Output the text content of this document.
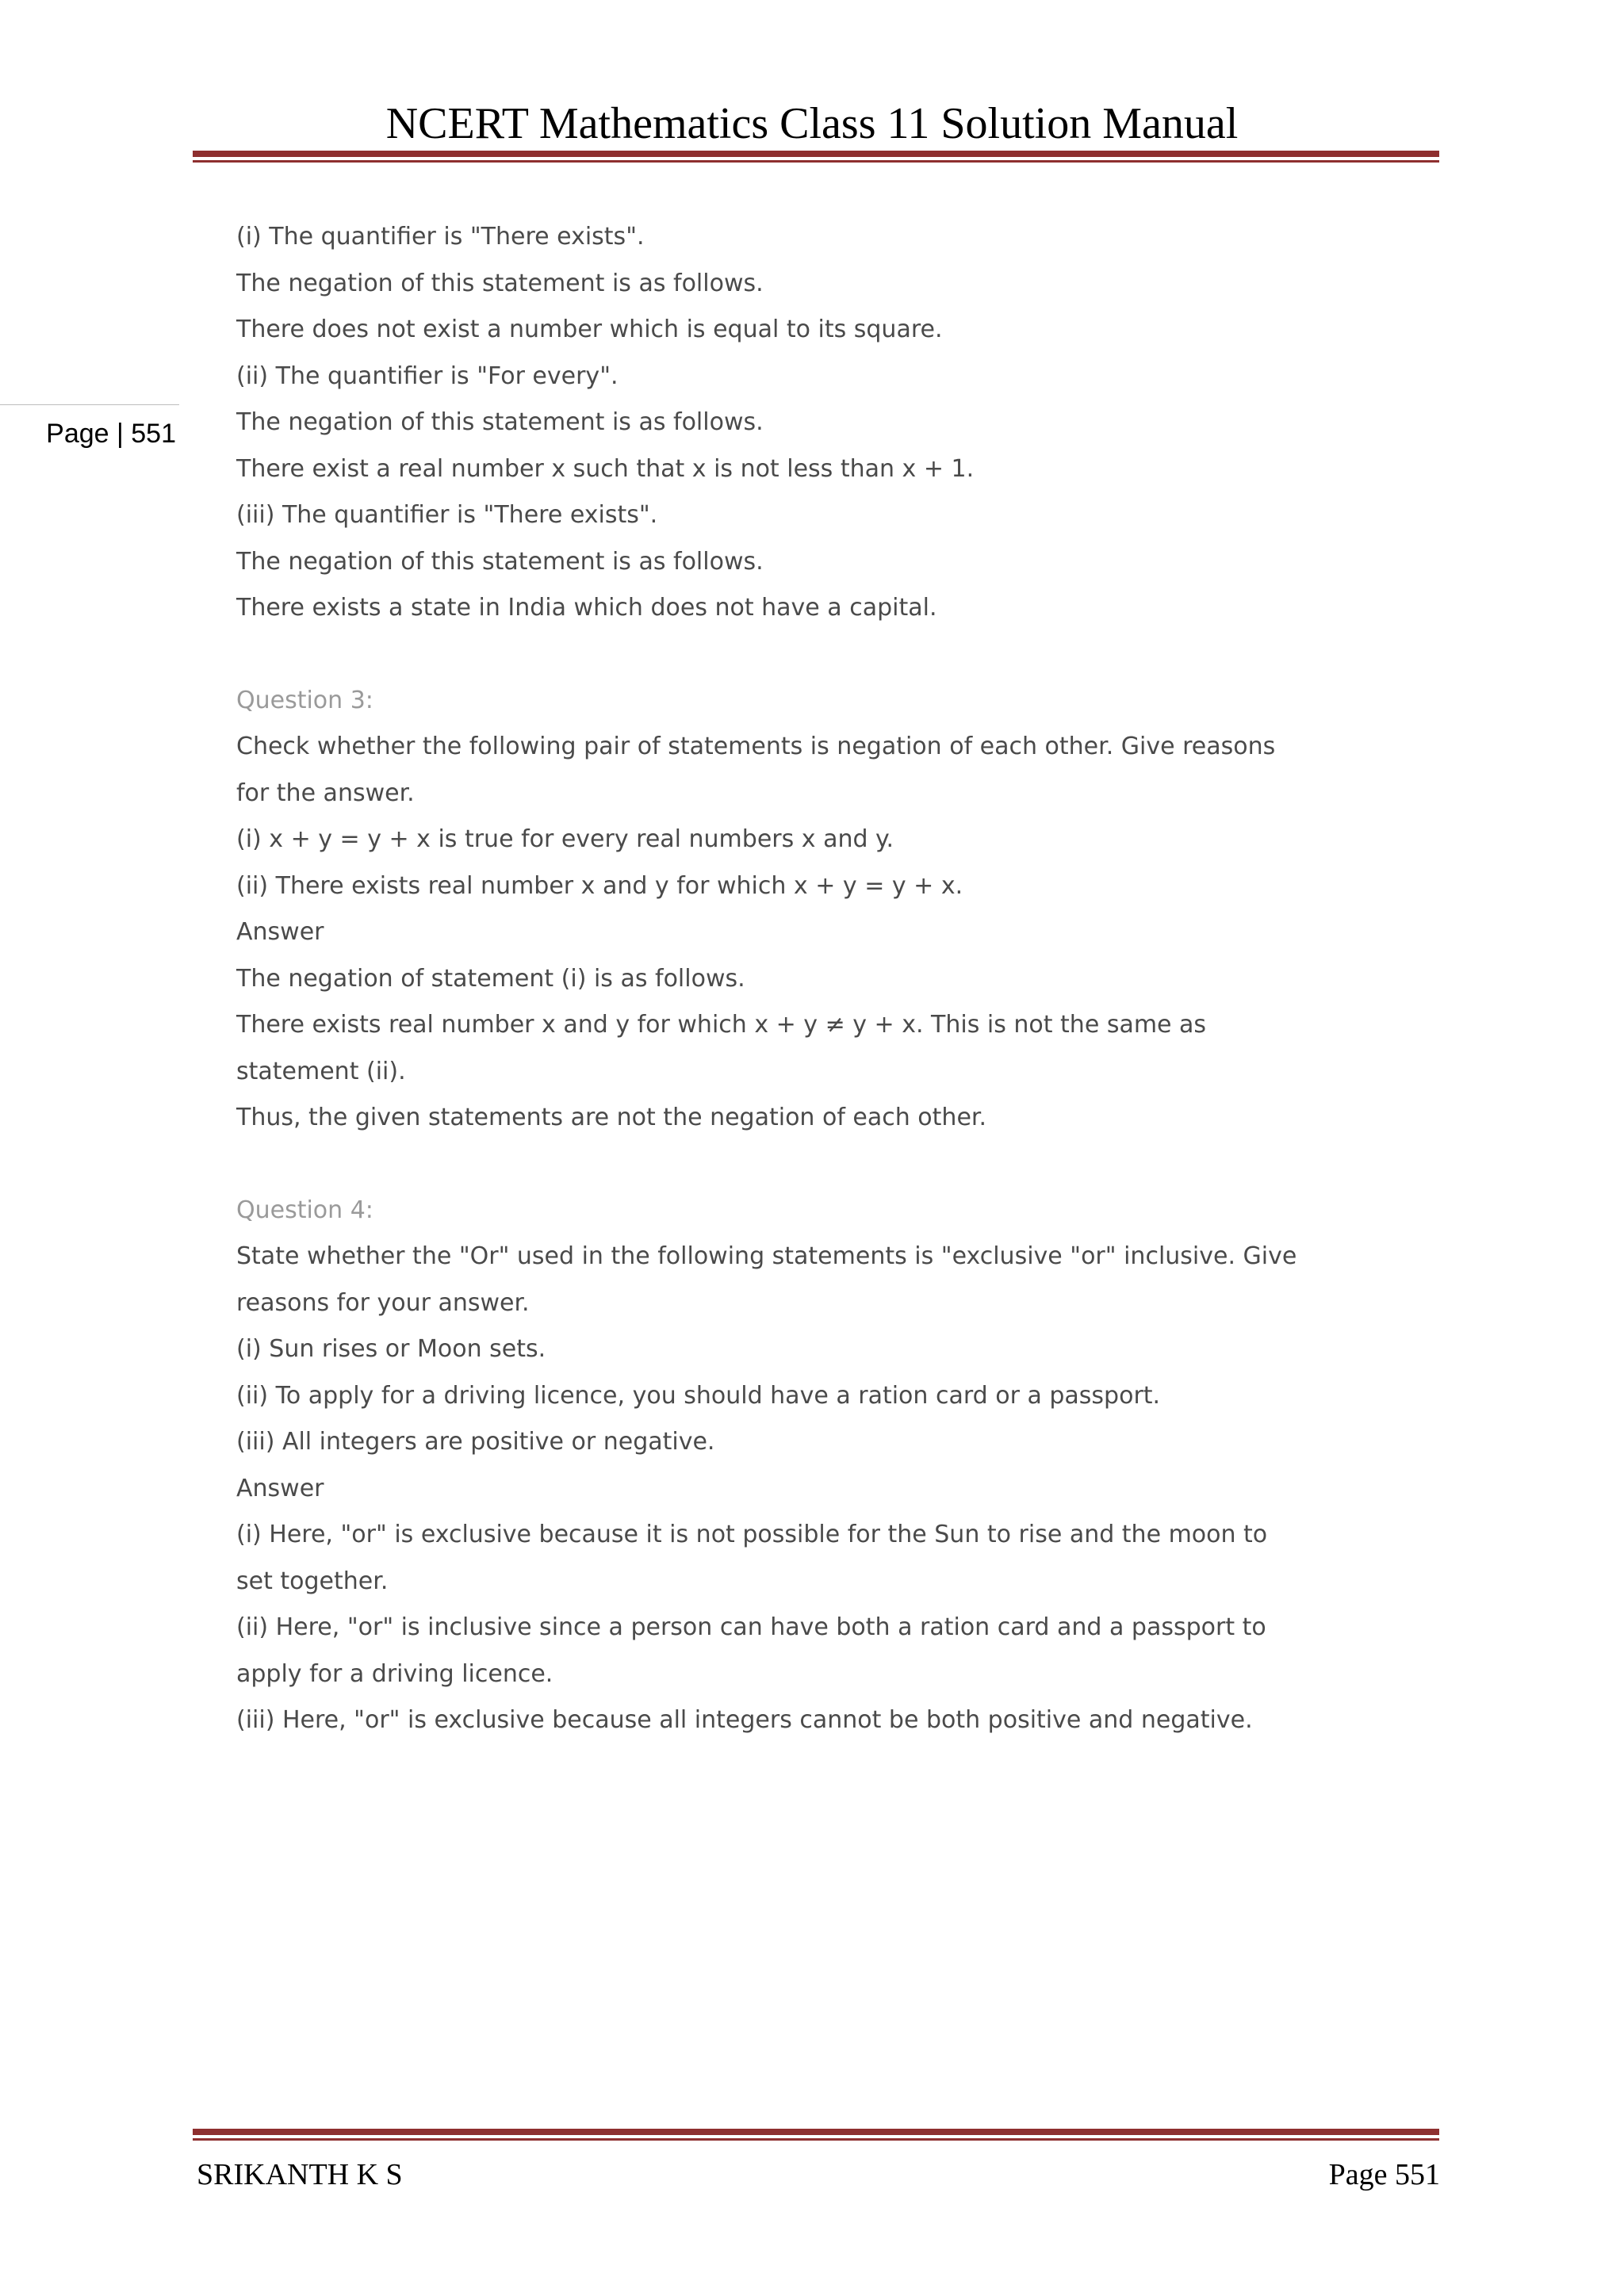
NCERT Mathematics Class 11 Solution Manual
Page | 551
(i) The quantifier is "There exists".
The negation of this statement is as follows.
There does not exist a number which is equal to its square.
(ii) The quantifier is "For every".
The negation of this statement is as follows.
There exist a real number x such that x is not less than x + 1.
(iii) The quantifier is "There exists".
The negation of this statement is as follows.
There exists a state in India which does not have a capital.
Question 3:
Check whether the following pair of statements is negation of each other. Give reasons
for the answer.
(i) x + y = y + x is true for every real numbers x and y.
(ii) There exists real number x and y for which x + y = y + x.
Answer
The negation of statement (i) is as follows.
There exists real number x and y for which x + y ≠ y + x. This is not the same as
statement (ii).
Thus, the given statements are not the negation of each other.
Question 4:
State whether the "Or" used in the following statements is "exclusive "or" inclusive. Give
reasons for your answer.
(i) Sun rises or Moon sets.
(ii) To apply for a driving licence, you should have a ration card or a passport.
(iii) All integers are positive or negative.
Answer
(i) Here, "or" is exclusive because it is not possible for the Sun to rise and the moon to
set together.
(ii) Here, "or" is inclusive since a person can have both a ration card and a passport to
apply for a driving licence.
(iii) Here, "or" is exclusive because all integers cannot be both positive and negative.
SRIKANTH K S	Page 551
